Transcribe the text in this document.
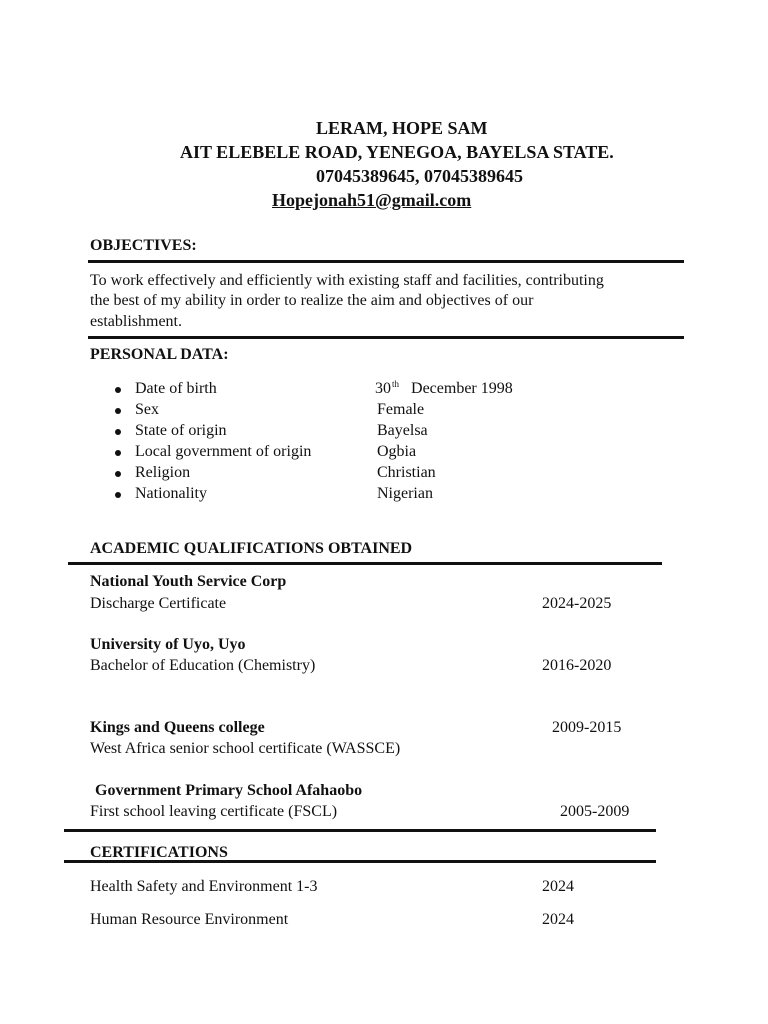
LERAM, HOPE SAM
AIT ELEBELE ROAD, YENEGOA, BAYELSA STATE.
07045389645, 07045389645
Hopejonah51@gmail.com
OBJECTIVES:
To work effectively and efficiently with existing staff and facilities, contributing
the best of my ability in order to realize the aim and objectives of our
establishment.
PERSONAL DATA:
Date of birth	30th December 1998
Sex	Female
State of origin	Bayelsa
Local government of origin	Ogbia
Religion	Christian
Nationality	Nigerian
ACADEMIC QUALIFICATIONS OBTAINED
National Youth Service Corp
Discharge Certificate	2024-2025
University of Uyo, Uyo
Bachelor of Education (Chemistry)	2016-2020
Kings and Queens college	2009-2015
West Africa senior school certificate (WASSCE)
Government Primary School Afahaobo
First school leaving certificate (FSCL)	2005-2009
CERTIFICATIONS
Health Safety and Environment 1-3	2024
Human Resource Environment	2024
